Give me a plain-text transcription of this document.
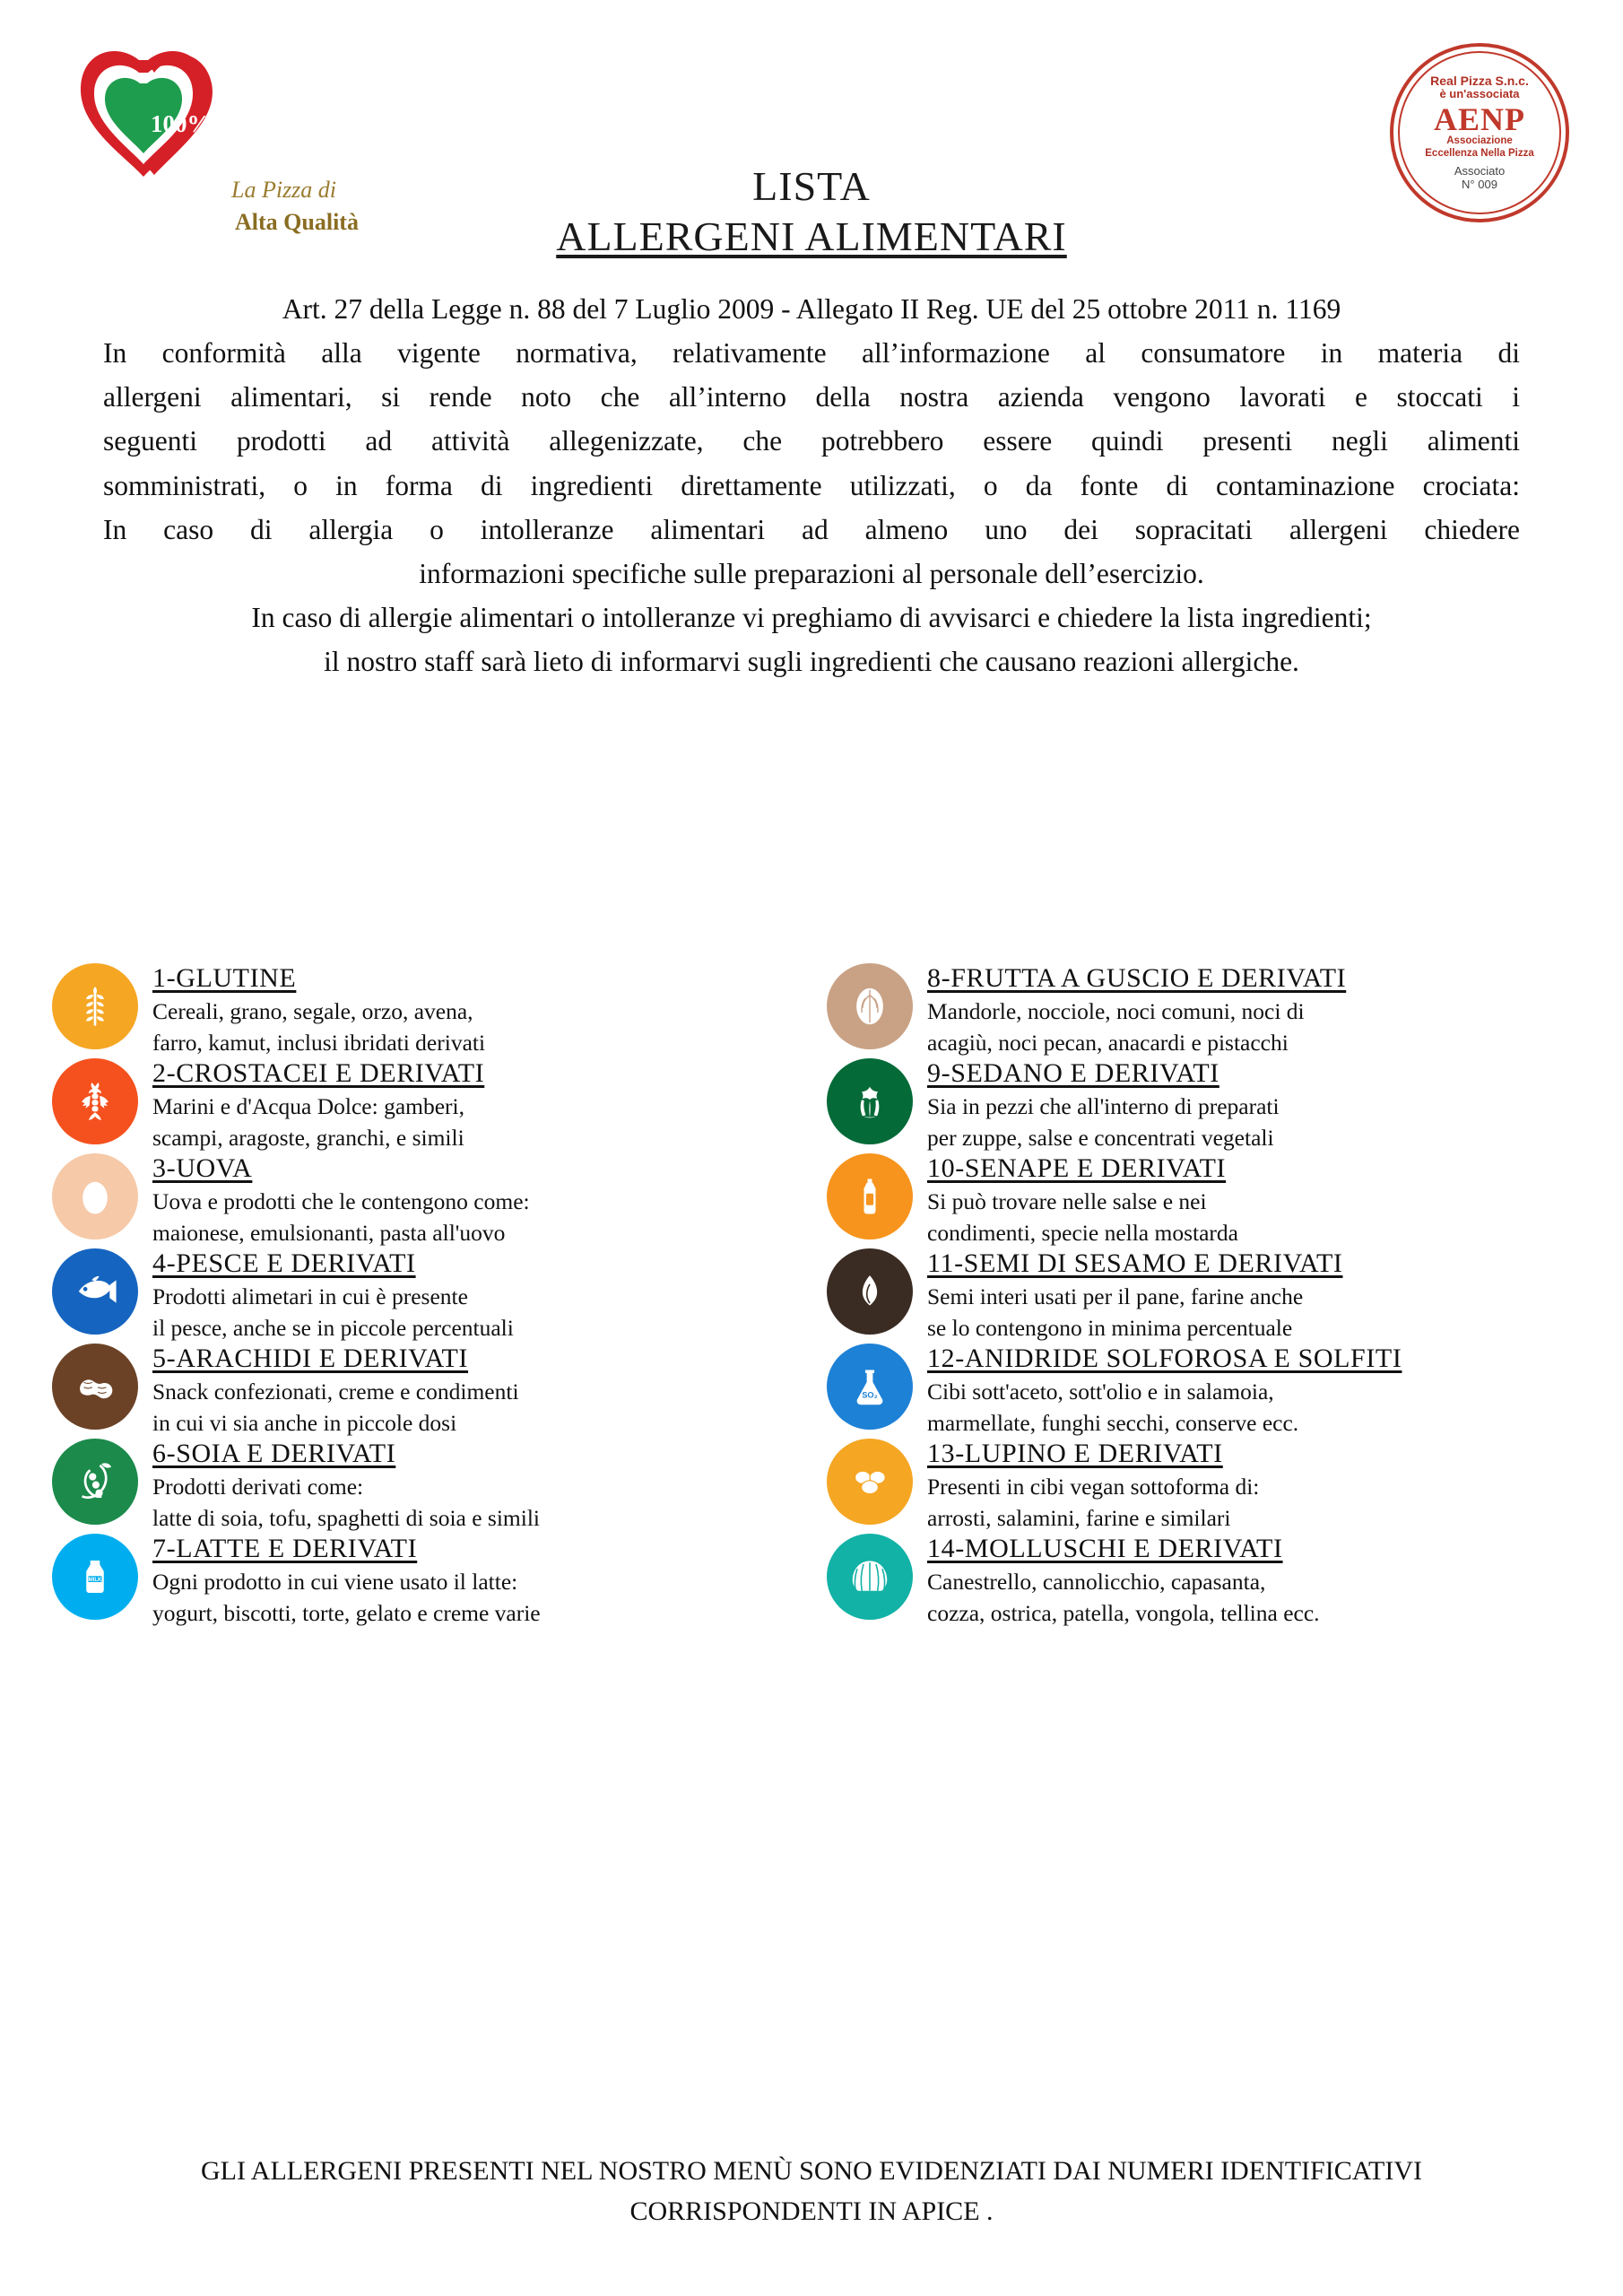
100%
La Pizza di
Alta Qualità
LISTA
ALLERGENI ALIMENTARI
Real Pizza S.n.c.
è un'associata
AENP
Associazione
Eccellenza Nella Pizza
Associato
N° 009

Art. 27 della Legge n. 88 del 7 Luglio 2009 - Allegato II Reg. UE del 25 ottobre 2011 n. 1169

In conformità alla vigente normativa, relativamente all’informazione al consumatore in materia di

allergeni alimentari, si rende noto che all’interno della nostra azienda vengono lavorati e stoccati i

seguenti prodotti ad attività allegenizzate, che potrebbero essere quindi presenti negli alimenti

somministrati, o in forma di ingredienti direttamente utilizzati, o da fonte di contaminazione crociata:

In caso di allergia o intolleranze alimentari ad almeno uno dei sopracitati allergeni chiedere

informazioni specifiche sulle preparazioni al personale dell’esercizio.

In caso di allergie alimentari o intolleranze vi preghiamo di avvisarci e chiedere la lista ingredienti;

il nostro staff sarà lieto di informarvi sugli ingredienti che causano reazioni allergiche.

1-GLUTINE
Cereali, grano, segale, orzo, avena,
farro, kamut, inclusi ibridati derivati
8-FRUTTA A GUSCIO E DERIVATI
Mandorle, nocciole, noci comuni, noci di
acagiù, noci pecan, anacardi e pistacchi
2-CROSTACEI E DERIVATI
Marini e d'Acqua Dolce: gamberi,
scampi, aragoste, granchi, e simili
9-SEDANO E DERIVATI
Sia in pezzi che all'interno di preparati
per zuppe, salse e concentrati vegetali
3-UOVA
Uova e prodotti che le contengono come:
maionese, emulsionanti, pasta all'uovo
10-SENAPE E DERIVATI
Si può trovare nelle salse e nei
condimenti, specie nella mostarda
4-PESCE E DERIVATI
Prodotti alimetari in cui è presente
il pesce, anche se in piccole percentuali
11-SEMI DI SESAMO E DERIVATI
Semi interi usati per il pane, farine anche
se lo contengono in minima percentuale
5-ARACHIDI E DERIVATI
Snack confezionati, creme e condimenti
in cui vi sia anche in piccole dosi
SO₂
12-ANIDRIDE SOLFOROSA E SOLFITI
Cibi sott'aceto, sott'olio e in salamoia,
marmellate, funghi secchi, conserve ecc.
6-SOIA E DERIVATI
Prodotti derivati come:
latte di soia, tofu, spaghetti di soia e simili
13-LUPINO E DERIVATI
Presenti in cibi vegan sottoforma di:
arrosti, salamini, farine e similari
MILK
7-LATTE E DERIVATI
Ogni prodotto in cui viene usato il latte:
yogurt, biscotti, torte, gelato e creme varie
14-MOLLUSCHI E DERIVATI
Canestrello, cannolicchio, capasanta,
cozza, ostrica, patella, vongola, tellina ecc.
GLI ALLERGENI PRESENTI NEL NOSTRO MENÙ SONO EVIDENZIATI DAI NUMERI IDENTIFICATIVI
CORRISPONDENTI IN APICE .
